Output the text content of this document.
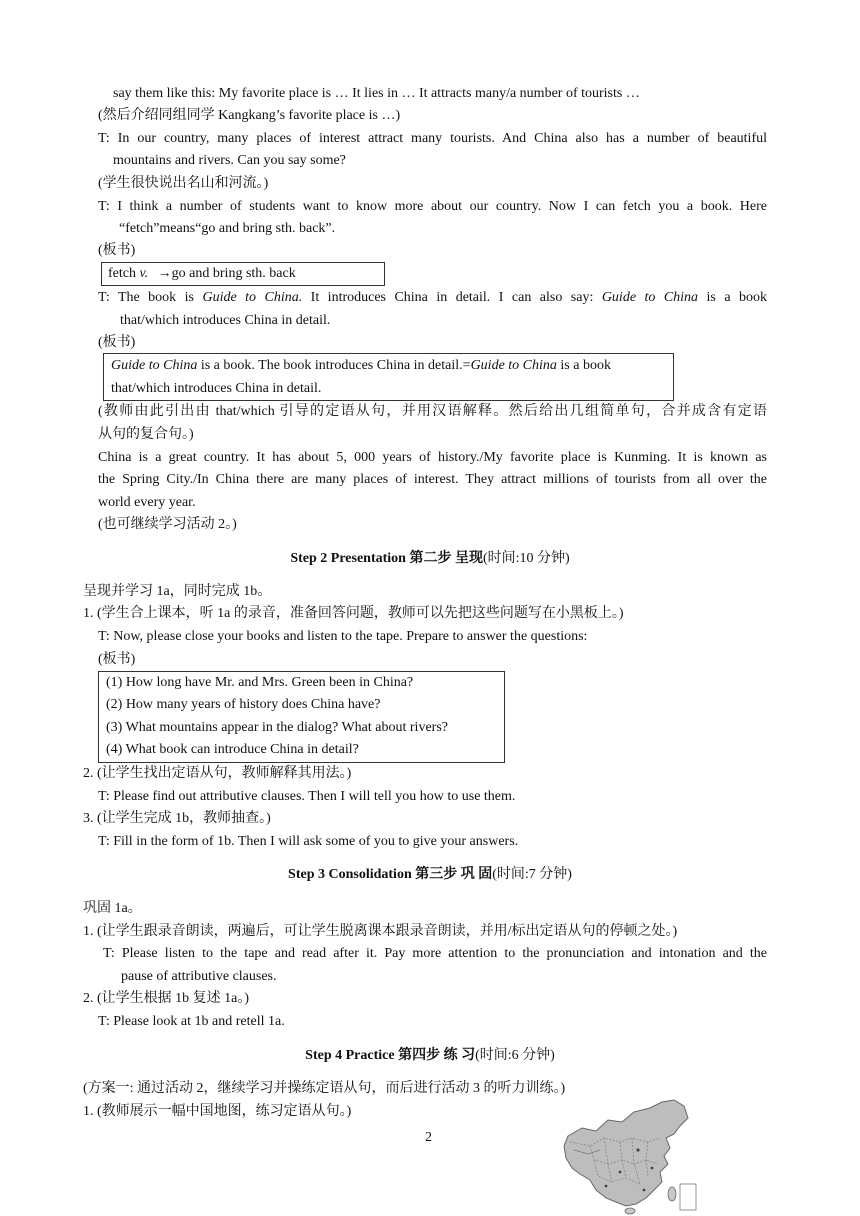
say them like this: My favorite place is … It lies in … It attracts many/a number of tourists …
(然后介绍同组同学 Kangkang’s favorite place is …)
T: In our country, many places of interest attract many tourists. And China also has a number of beautiful
mountains and rivers. Can you say some?
(学生很快说出名山和河流。)
T: I think a number of students want to know more about our country. Now I can fetch you a book. Here
“fetch”means“go and bring sth. back”.
(板书)
fetch v. →go and bring sth. back
T: The book is Guide to China. It introduces China in detail. I can also say: Guide to China is a book
that/which introduces China in detail.
(板书)
Guide to China is a book. The book introduces China in detail.=Guide to China is a book
that/which introduces China in detail.
(教师由此引出由 that/which 引导的定语从句，并用汉语解释。然后给出几组简单句，合并成含有定语
从句的复合句。)
China is a great country. It has about 5, 000 years of history./My favorite place is Kunming. It is known as
the Spring City./In China there are many places of interest. They attract millions of tourists from all over the
world every year.
(也可继续学习活动 2。)
Step 2 Presentation 第二步 呈现(时间:10 分钟)
呈现并学习 1a，同时完成 1b。
1. (学生合上课本，听 1a 的录音，准备回答问题，教师可以先把这些问题写在小黑板上。)
T: Now, please close your books and listen to the tape. Prepare to answer the questions:
(板书)
(1) How long have Mr. and Mrs. Green been in China?
(2) How many years of history does China have?
(3) What mountains appear in the dialog? What about rivers?
(4) What book can introduce China in detail?
2. (让学生找出定语从句，教师解释其用法。)
T: Please find out attributive clauses. Then I will tell you how to use them.
3. (让学生完成 1b，教师抽查。)
T: Fill in the form of 1b. Then I will ask some of you to give your answers.
Step 3 Consolidation 第三步 巩 固(时间:7 分钟)
巩固 1a。
1. (让学生跟录音朗读，两遍后，可让学生脱离课本跟录音朗读，并用/标出定语从句的停顿之处。)
T: Please listen to the tape and read after it. Pay more attention to the pronunciation and intonation and the
pause of attributive clauses.
2. (让学生根据 1b 复述 1a。)
T: Please look at 1b and retell 1a.
Step 4 Practice 第四步 练 习(时间:6 分钟)
(方案一: 通过活动 2，继续学习并操练定语从句，而后进行活动 3 的听力训练。)
1. (教师展示一幅中国地图，练习定语从句。)
2
